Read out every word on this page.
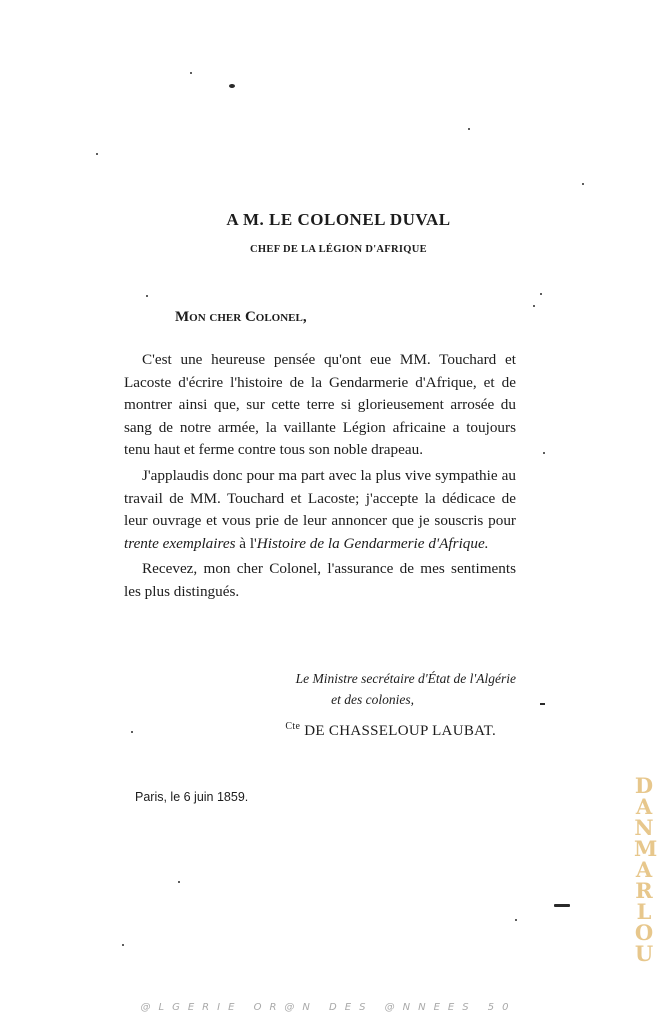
A M. LE COLONEL DUVAL
CHEF DE LA LÉGION D'AFRIQUE
Mon cher Colonel,

C'est une heureuse pensée qu'ont eue MM. Touchard et Lacoste d'écrire l'histoire de la Gendarmerie d'Afrique, et de montrer ainsi que, sur cette terre si glorieusement arrosée du sang de notre armée, la vaillante Légion africaine a toujours tenu haut et ferme contre tous son noble drapeau.

J'applaudis donc pour ma part avec la plus vive sympathie au travail de MM. Touchard et Lacoste; j'accepte la dédicace de leur ouvrage et vous prie de leur annoncer que je souscris pour trente exemplaires à l'Histoire de la Gendarmerie d'Afrique.

Recevez, mon cher Colonel, l'assurance de mes sentiments les plus distingués.

Le Ministre secrétaire d'État de l'Algérie
et des colonies,
$^{Cte}$ DE CHASSELOUP LAUBAT.
Paris, le 6 juin 1859.	DANMARLOU
@LGERIE OR@N DES @NNEES 50
